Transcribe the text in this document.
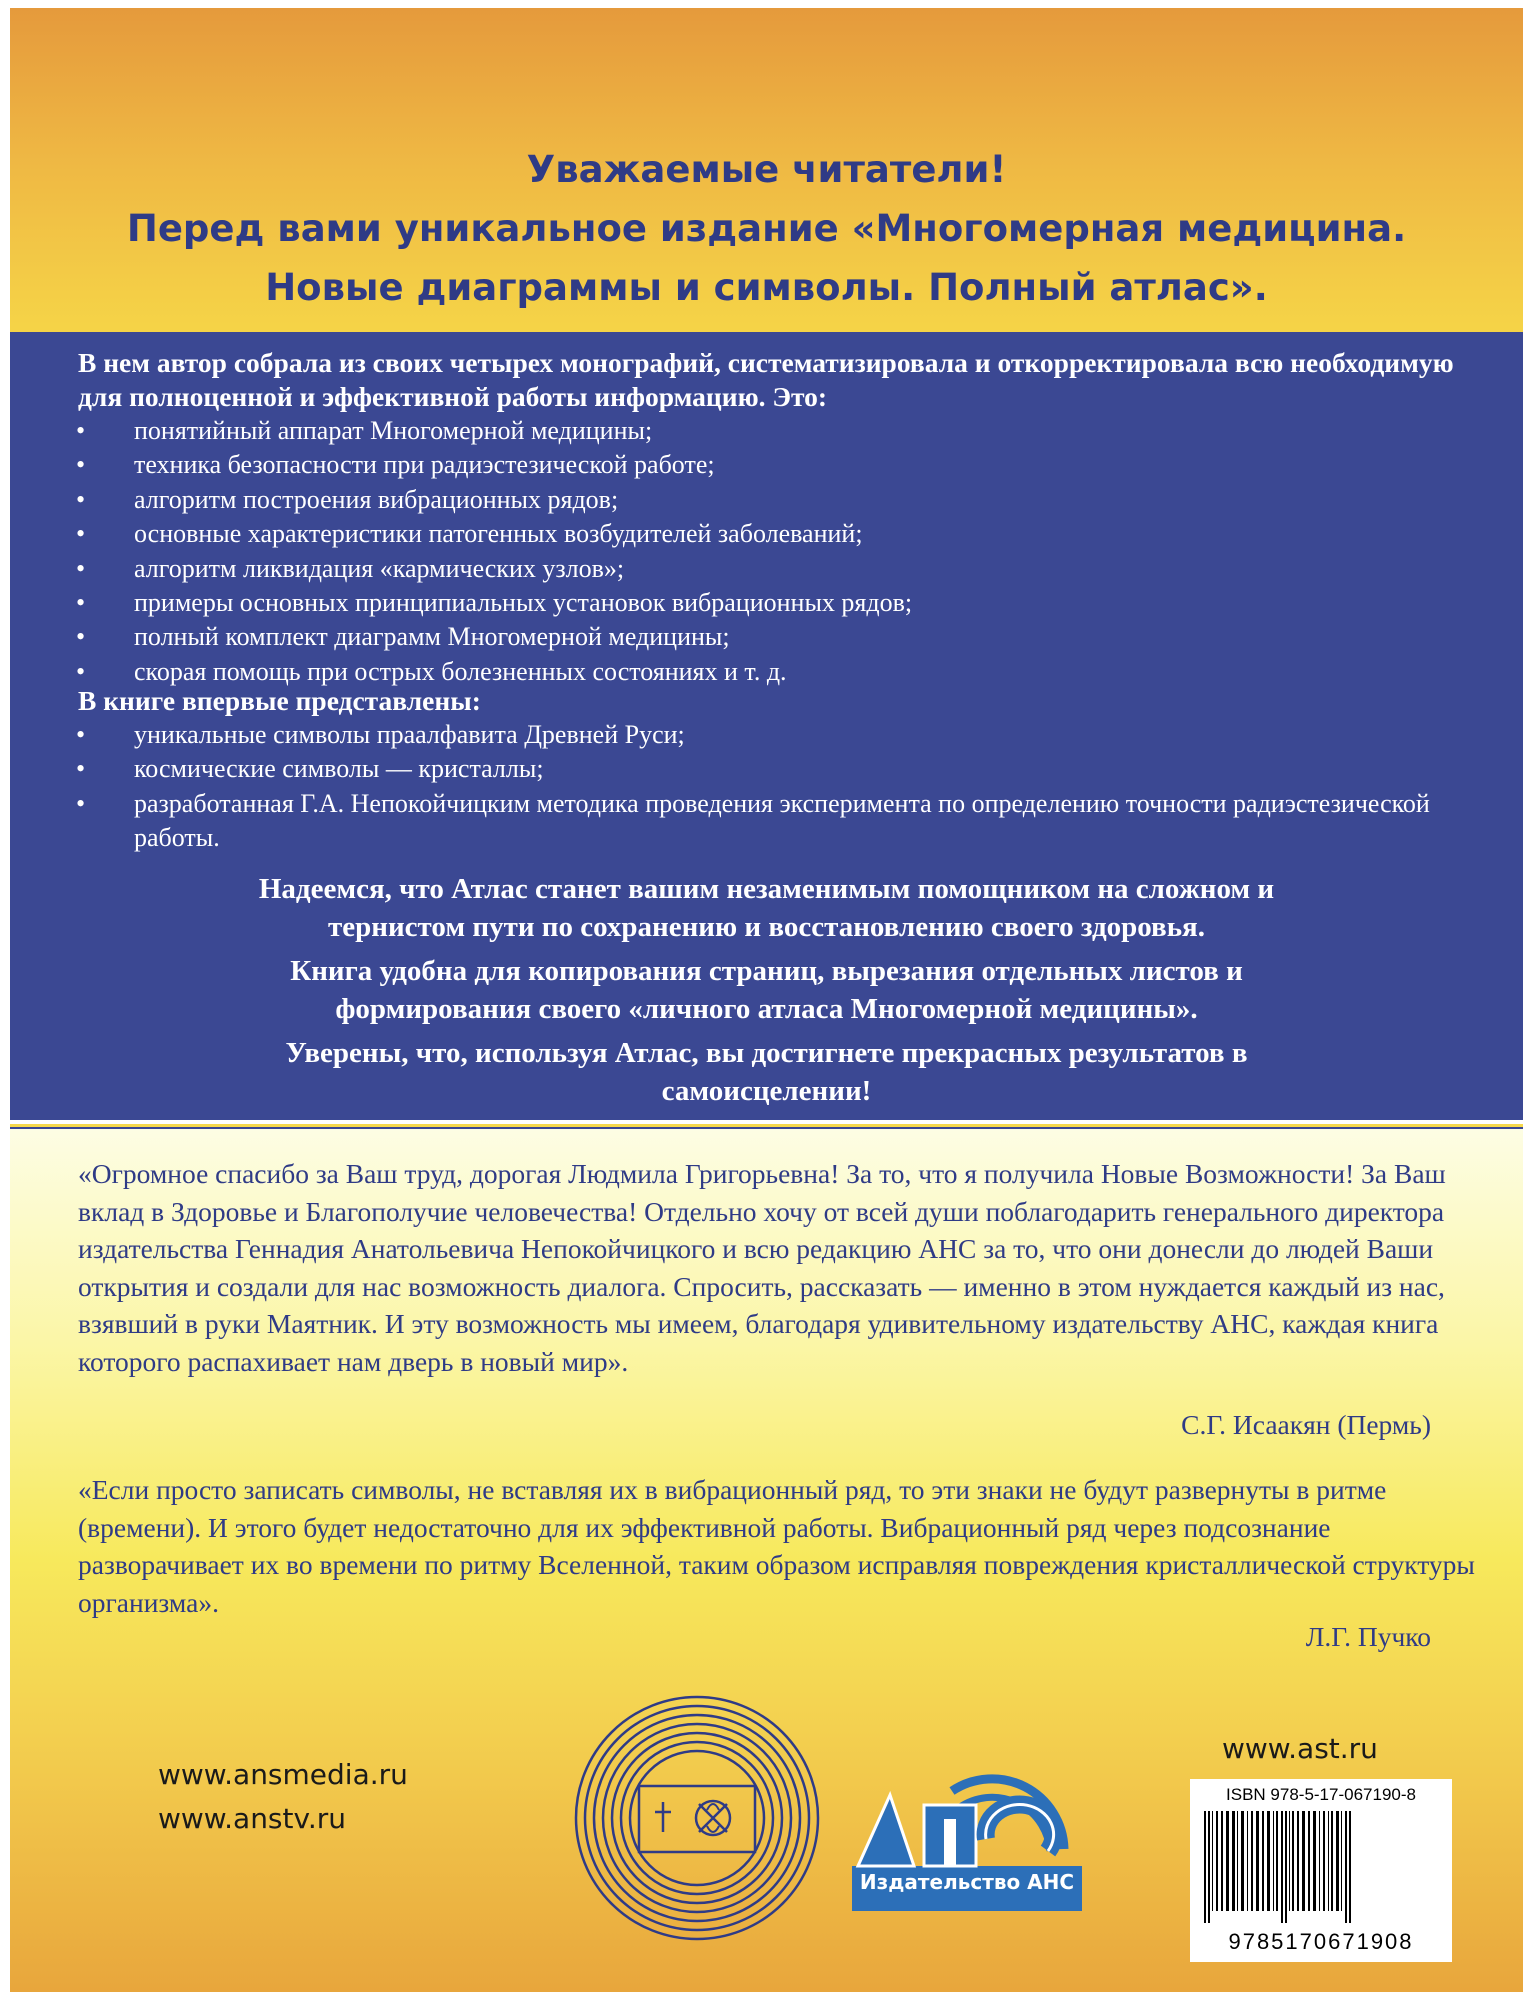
Уважаемые читатели!
Перед вами уникальное издание «Многомерная медицина.
Новые диаграммы и символы. Полный атлас».
В нем автор собрала из своих четырех монографий, систематизировала и откорректировала всю необходимую для полноценной и эффективной работы информацию. Это:
• понятийный аппарат Многомерной медицины;
• техника безопасности при радиэстезической работе;
• алгоритм построения вибрационных рядов;
• основные характеристики патогенных возбудителей заболеваний;
• алгоритм ликвидация «кармических узлов»;
• примеры основных принципиальных установок вибрационных рядов;
• полный комплект диаграмм Многомерной медицины;
• скорая помощь при острых болезненных состояниях и т. д.
В книге впервые представлены:
• уникальные символы праалфавита Древней Руси;
• космические символы — кристаллы;
• разработанная Г.А. Непокойчицким методика проведения эксперимента по определению точности радиэстезической работы.
Надеемся, что Атлас станет вашим незаменимым помощником на сложном и
тернистом пути по сохранению и восстановлению своего здоровья.
Книга удобна для копирования страниц, вырезания отдельных листов и
формирования своего «личного атласа Многомерной медицины».
Уверены, что, используя Атлас, вы достигнете прекрасных результатов в
самоисцелении!
«Огромное спасибо за Ваш труд, дорогая Людмила Григорьевна! За то, что я получила Новые Возможности! За Ваш вклад в Здоровье и Благополучие человечества! Отдельно хочу от всей души поблагодарить генерального директора издательства Геннадия Анатольевича Непокойчицкого и всю редакцию АНС за то, что они донесли до людей Ваши открытия и создали для нас возможность диалога. Спросить, рассказать — именно в этом нуждается каждый из нас, взявший в руки Маятник. И эту возможность мы имеем, благодаря удивительному издательству АНС, каждая книга которого распахивает нам дверь в новый мир».
С.Г. Исаакян (Пермь)
«Если просто записать символы, не вставляя их в вибрационный ряд, то эти знаки не будут развернуты в ритме (времени). И этого будет недостаточно для их эффективной работы. Вибрационный ряд через подсознание разворачивает их во времени по ритму Вселенной, таким образом исправляя повреждения кристаллической структуры организма».
Л.Г. Пучко
www.ansmedia.ru
www.anstv.ru
www.ast.ru
Издательство АНС
ISBN 978-5-17-067190-8
9785170671908
